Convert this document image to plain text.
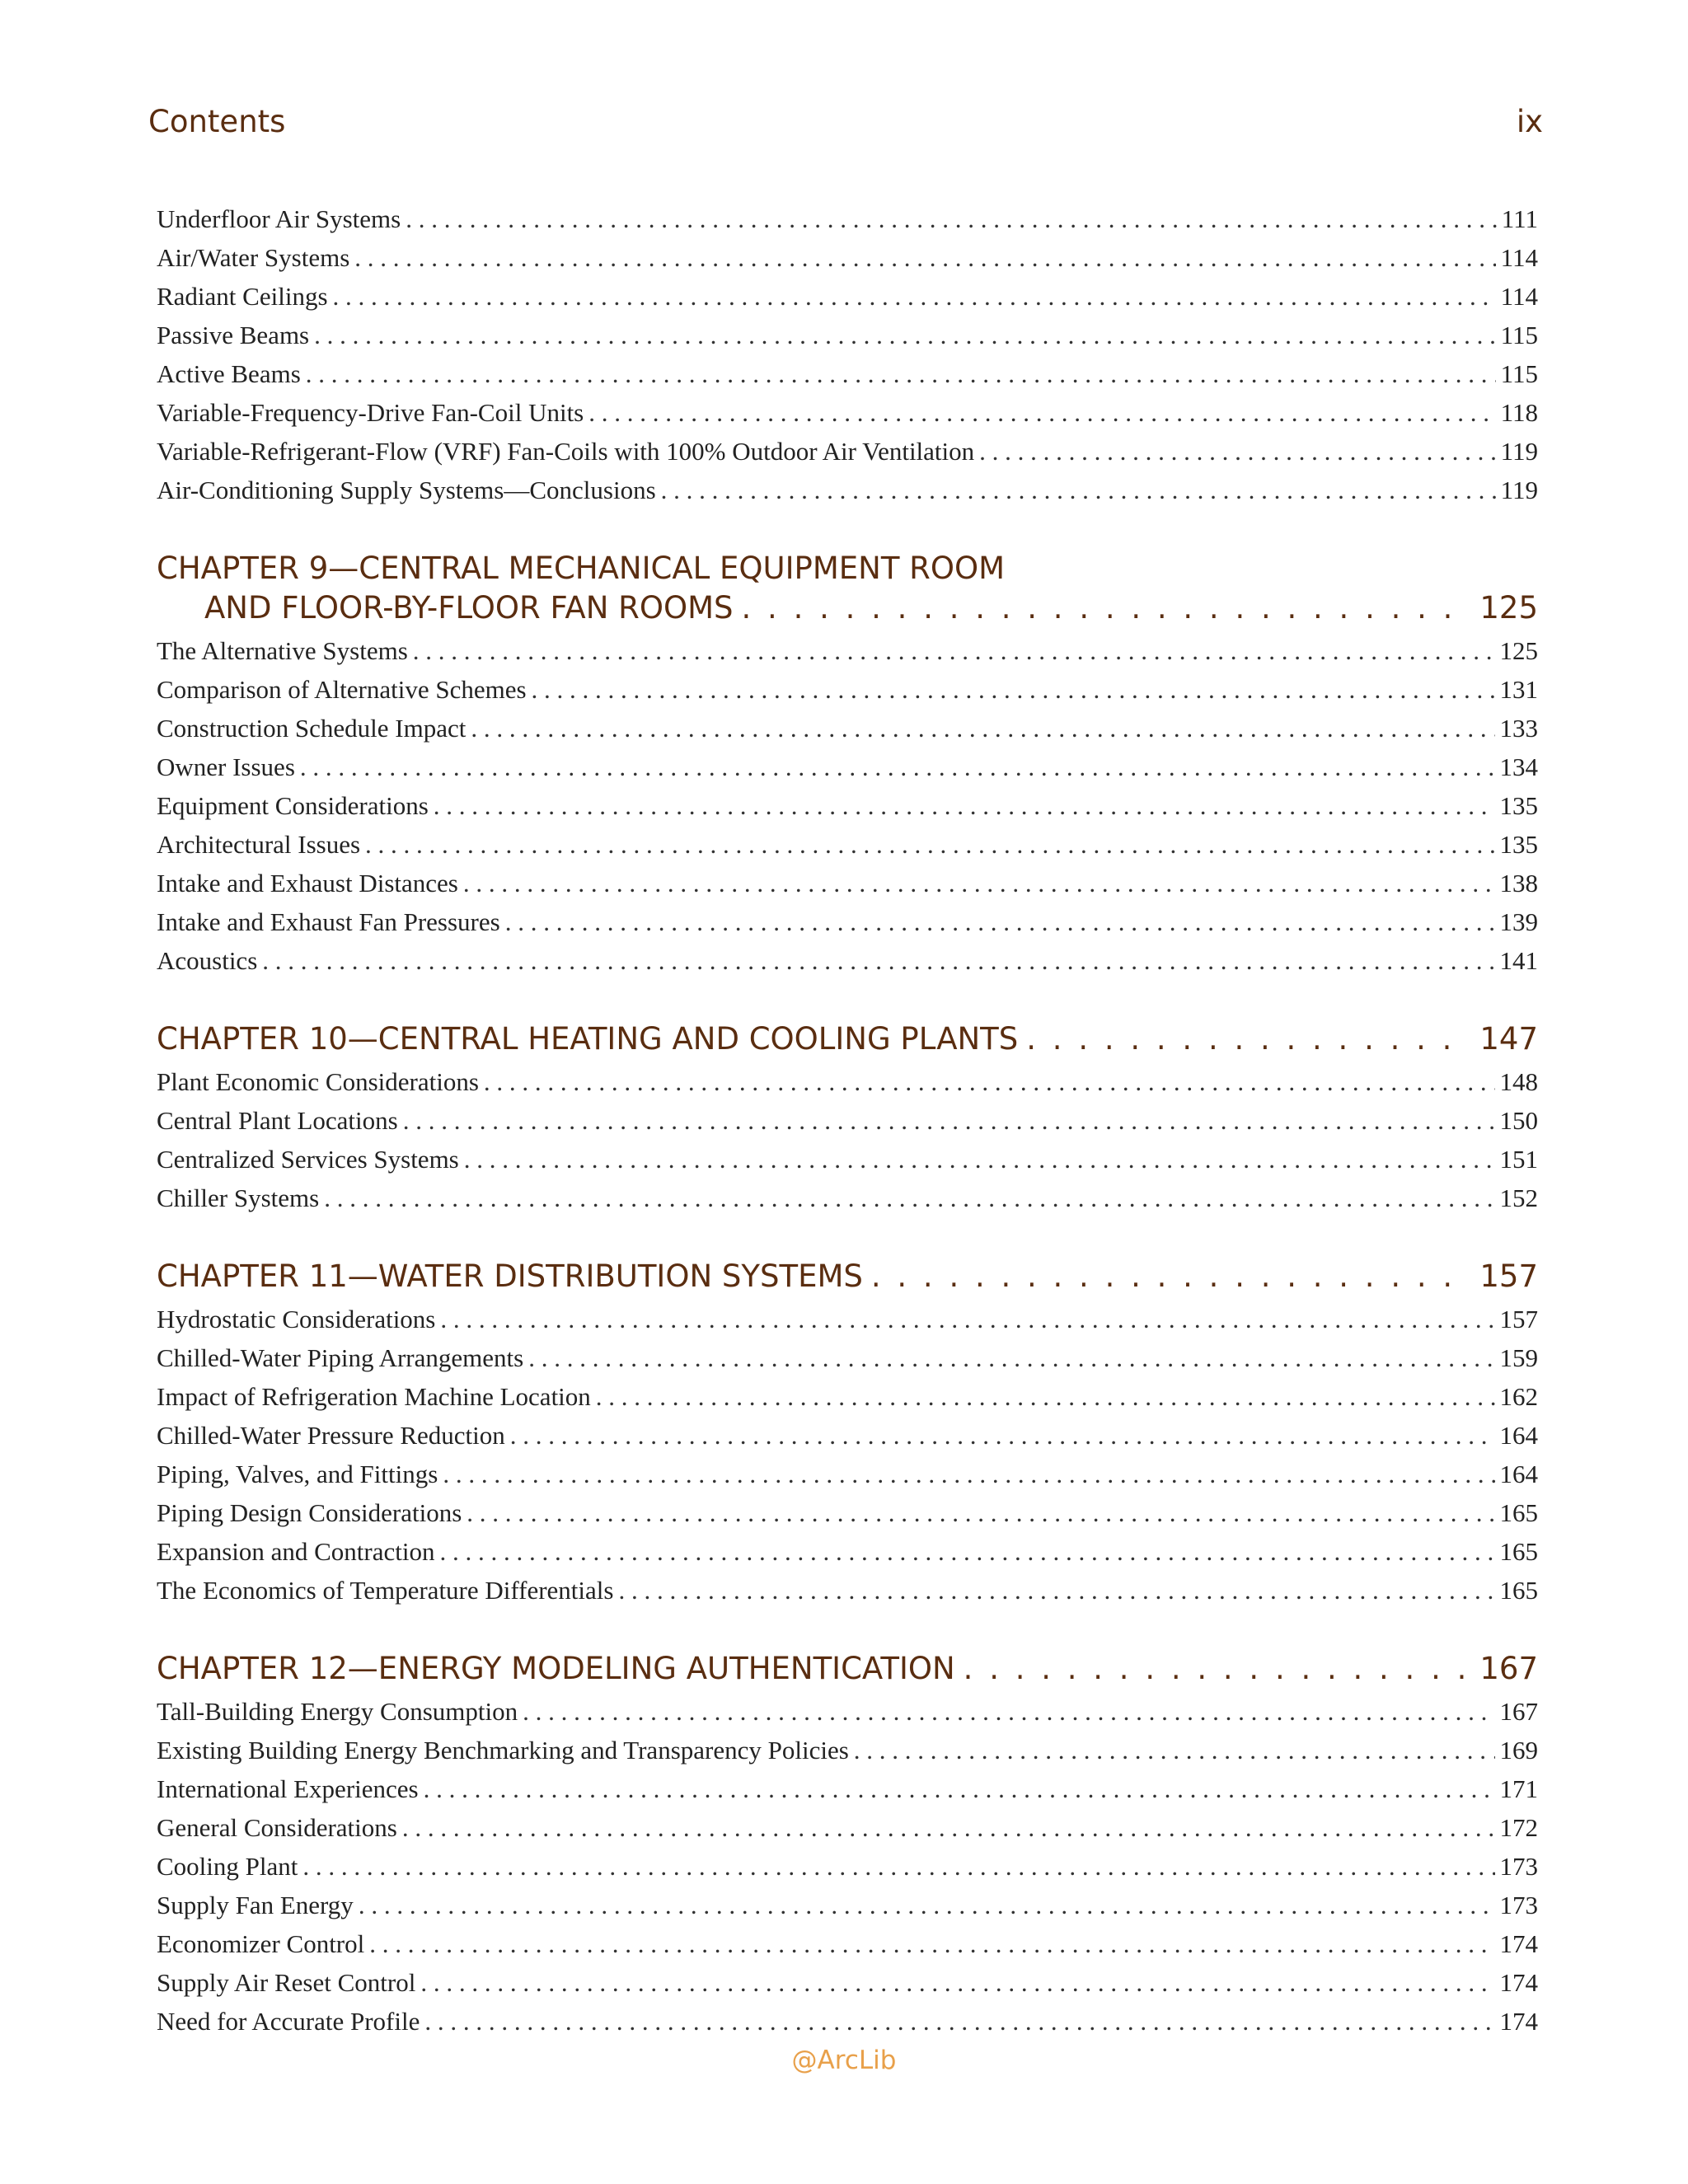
Contents	ix
Underfloor Air Systems . . .	111
Air/Water Systems . . .	114
Radiant Ceilings . . .	114
Passive Beams . . .	115
Active Beams . . .	115
Variable-Frequency-Drive Fan-Coil Units . . .	118
Variable-Refrigerant-Flow (VRF) Fan-Coils with 100% Outdoor Air Ventilation . . .	119
Air-Conditioning Supply Systems—Conclusions . . .	119
CHAPTER 9—CENTRAL MECHANICAL EQUIPMENT ROOM
AND FLOOR-BY-FLOOR FAN ROOMS . . .	125
The Alternative Systems . . .	125
Comparison of Alternative Schemes . . .	131
Construction Schedule Impact . . .	133
Owner Issues . . .	134
Equipment Considerations . . .	135
Architectural Issues . . .	135
Intake and Exhaust Distances . . .	138
Intake and Exhaust Fan Pressures . . .	139
Acoustics . . .	141
CHAPTER 10—CENTRAL HEATING AND COOLING PLANTS . . .	147
Plant Economic Considerations . . .	148
Central Plant Locations . . .	150
Centralized Services Systems . . .	151
Chiller Systems . . .	152
CHAPTER 11—WATER DISTRIBUTION SYSTEMS . . .	157
Hydrostatic Considerations . . .	157
Chilled-Water Piping Arrangements . . .	159
Impact of Refrigeration Machine Location . . .	162
Chilled-Water Pressure Reduction . . .	164
Piping, Valves, and Fittings . . .	164
Piping Design Considerations . . .	165
Expansion and Contraction . . .	165
The Economics of Temperature Differentials . . .	165
CHAPTER 12—ENERGY MODELING AUTHENTICATION . . .	167
Tall-Building Energy Consumption . . .	167
Existing Building Energy Benchmarking and Transparency Policies . . .	169
International Experiences . . .	171
General Considerations . . .	172
Cooling Plant . . .	173
Supply Fan Energy . . .	173
Economizer Control . . .	174
Supply Air Reset Control . . .	174
Need for Accurate Profile . . .	174
@ArcLib
